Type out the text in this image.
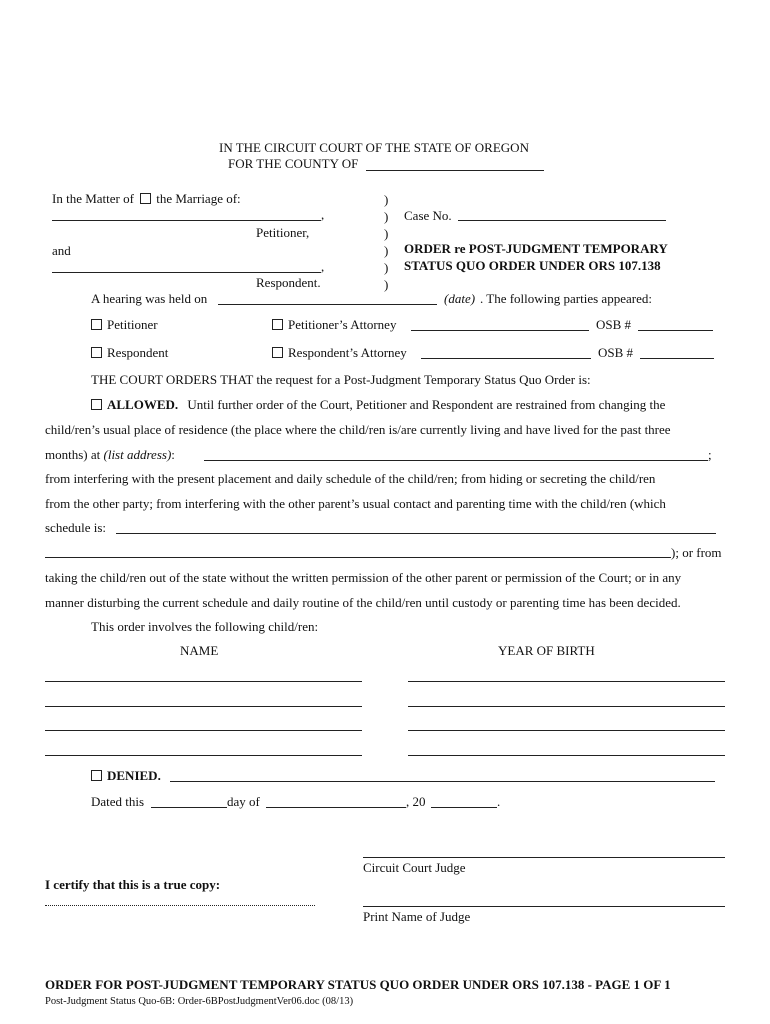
IN THE CIRCUIT COURT OF THE STATE OF OREGON
FOR THE COUNTY OF
In the Matter of the Marriage of:
,
Petitioner,
and
,
Respondent.
)
)
)
)
)
)
Case No.
ORDER re POST-JUDGMENT TEMPORARY
STATUS QUO ORDER UNDER ORS 107.138
A hearing was held on	(date) . The following parties appeared:
Petitioner	Petitioner’s Attorney	OSB #
Respondent	Respondent’s Attorney	OSB #
THE COURT ORDERS THAT the request for a Post-Judgment Temporary Status Quo Order is:
ALLOWED. Until further order of the Court, Petitioner and Respondent are restrained from changing the
child/ren’s usual place of residence (the place where the child/ren is/are currently living and have lived for the past three
months) at (list address):	;
from interfering with the present placement and daily schedule of the child/ren; from hiding or secreting the child/ren
from the other party; from interfering with the other parent’s usual contact and parenting time with the child/ren (which
schedule is:
); or from
taking the child/ren out of the state without the written permission of the other parent or permission of the Court; or in any
manner disturbing the current schedule and daily routine of the child/ren until custody or parenting time has been decided.
This order involves the following child/ren:
NAME	YEAR OF BIRTH
DENIED.
Dated this	day of	, 20	.
Circuit Court Judge
I certify that this is a true copy:
Print Name of Judge
ORDER FOR POST-JUDGMENT TEMPORARY STATUS QUO ORDER UNDER ORS 107.138 - PAGE 1 OF 1
Post-Judgment Status Quo-6B: Order-6BPostJudgmentVer06.doc (08/13)
